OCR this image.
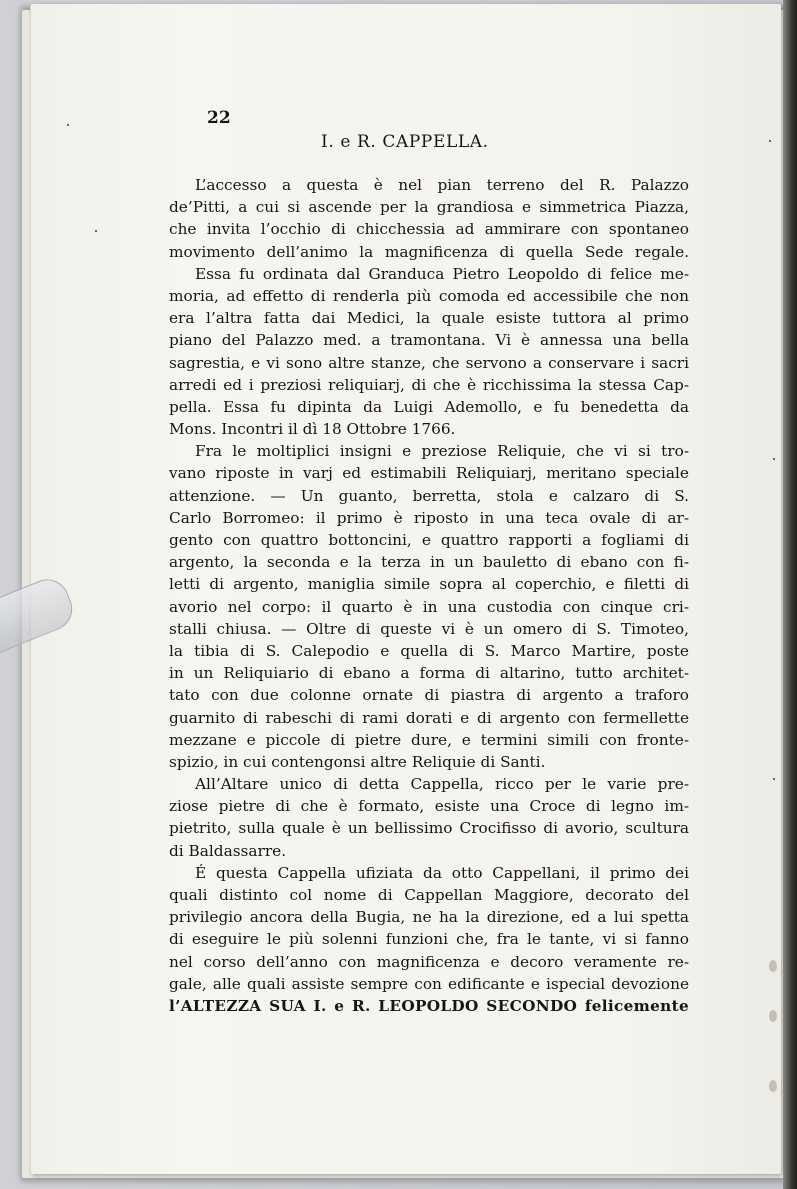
22
I. e R. CAPPELLA.

L’accesso a questa è nel pian terreno del R. Palazzo
de’Pitti, a cui si ascende per la grandiosa e simmetrica Piazza,
che invita l’occhio di chicchessia ad ammirare con spontaneo
movimento dell’animo la magnificenza di quella Sede regale.

Essa fu ordinata dal Granduca Pietro Leopoldo di felice me-
moria, ad effetto di renderla più comoda ed accessibile che non
era l’altra fatta dai Medici, la quale esiste tuttora al primo
piano del Palazzo med. a tramontana. Vi è annessa una bella
sagrestia, e vi sono altre stanze, che servono a conservare i sacri
arredi ed i preziosi reliquiarj, di che è ricchissima la stessa Cap-
pella. Essa fu dipinta da Luigi Ademollo, e fu benedetta da
Mons. Incontri il dì 18 Ottobre 1766.

Fra le moltiplici insigni e preziose Reliquie, che vi si tro-
vano riposte in varj ed estimabili Reliquiarj, meritano speciale
attenzione. — Un guanto, berretta, stola e calzaro di S.
Carlo Borromeo: il primo è riposto in una teca ovale di ar-
gento con quattro bottoncini, e quattro rapporti a fogliami di
argento, la seconda e la terza in un bauletto di ebano con fi-
letti di argento, maniglia simile sopra al coperchio, e filetti di
avorio nel corpo: il quarto è in una custodia con cinque cri-
stalli chiusa. — Oltre di queste vi è un omero di S. Timoteo,
la tibia di S. Calepodio e quella di S. Marco Martire, poste
in un Reliquiario di ebano a forma di altarino, tutto architet-
tato con due colonne ornate di piastra di argento a traforo
guarnito di rabeschi di rami dorati e di argento con fermellette
mezzane e piccole di pietre dure, e termini simili con fronte-
spizio, in cui contengonsi altre Reliquie di Santi.

All’Altare unico di detta Cappella, ricco per le varie pre-
ziose pietre di che è formato, esiste una Croce di legno im-
pietrito, sulla quale è un bellissimo Crocifisso di avorio, scultura
di Baldassarre.

É questa Cappella ufiziata da otto Cappellani, il primo dei
quali distinto col nome di Cappellan Maggiore, decorato del
privilegio ancora della Bugia, ne ha la direzione, ed a lui spetta
di eseguire le più solenni funzioni che, fra le tante, vi si fanno
nel corso dell’anno con magnificenza e decoro veramente re-
gale, alle quali assiste sempre con edificante e ispecial devozione
l’ALTEZZA SUA I. e R. LEOPOLDO SECONDO felicemente
